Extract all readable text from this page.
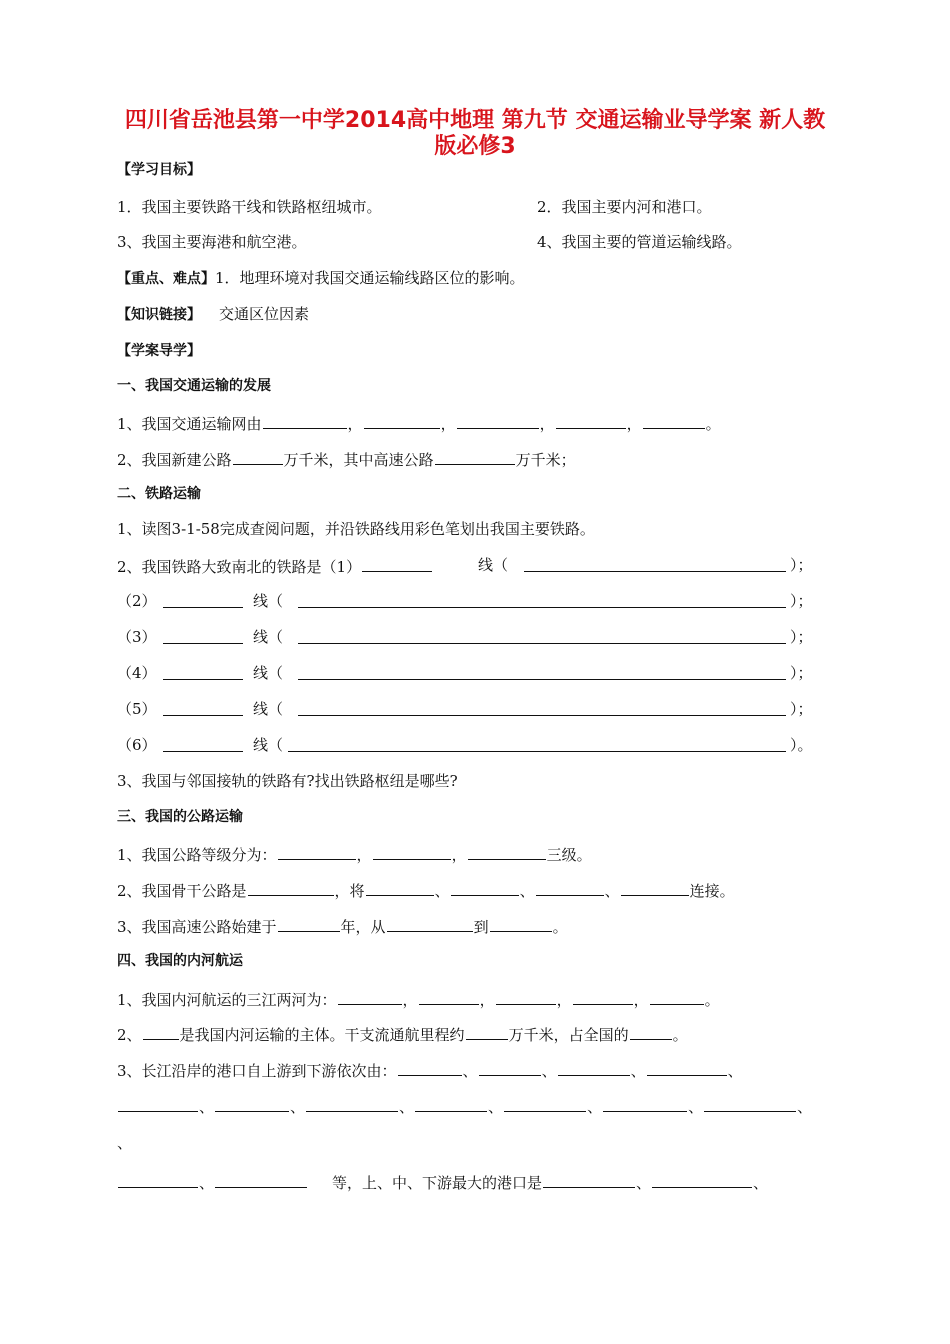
四川省岳池县第一中学2014高中地理 第九节 交通运输业导学案 新人教
版必修3
【学习目标】
1．我国主要铁路干线和铁路枢纽城市。	2．我国主要内河和港口。
3、我国主要海港和航空港。	4、我国主要的管道运输线路。
【重点、难点】1．地理环境对我国交通运输线路区位的影响。
【知识链接】 交通区位因素
【学案导学】
一、我国交通运输的发展
1、我国交通运输网由	，	，	，	，	。
2、我国新建公路	万千米，其中高速公路	万千米；
二、铁路运输
1、读图3-1-58完成查阅问题，并沿铁路线用彩色笔划出我国主要铁路。
2、我国铁路大致南北的铁路是（1）	线（	）；
（2）	线（	）；
（3）	线（	）；
（4）	线（	）；
（5）	线（	）；
（6）	线（	）。
3、我国与邻国接轨的铁路有?找出铁路枢纽是哪些?
三、我国的公路运输
1、我国公路等级分为：	，	，	三级。
2、我国骨干公路是	，将	、	、	、	连接。
3、我国高速公路始建于	年，从	到	。
四、我国的内河航运
1、我国内河航运的三江两河为：	，	，	，	，	。
2、	是我国内河运输的主体。干支流通航里程约	万千米，占全国的	。
3、长江沿岸的港口自上游到下游依次由：	、	、	、	、
、	、	、	、	、	、	、
、
、	等，上、中、下游最大的港口是	、	、
